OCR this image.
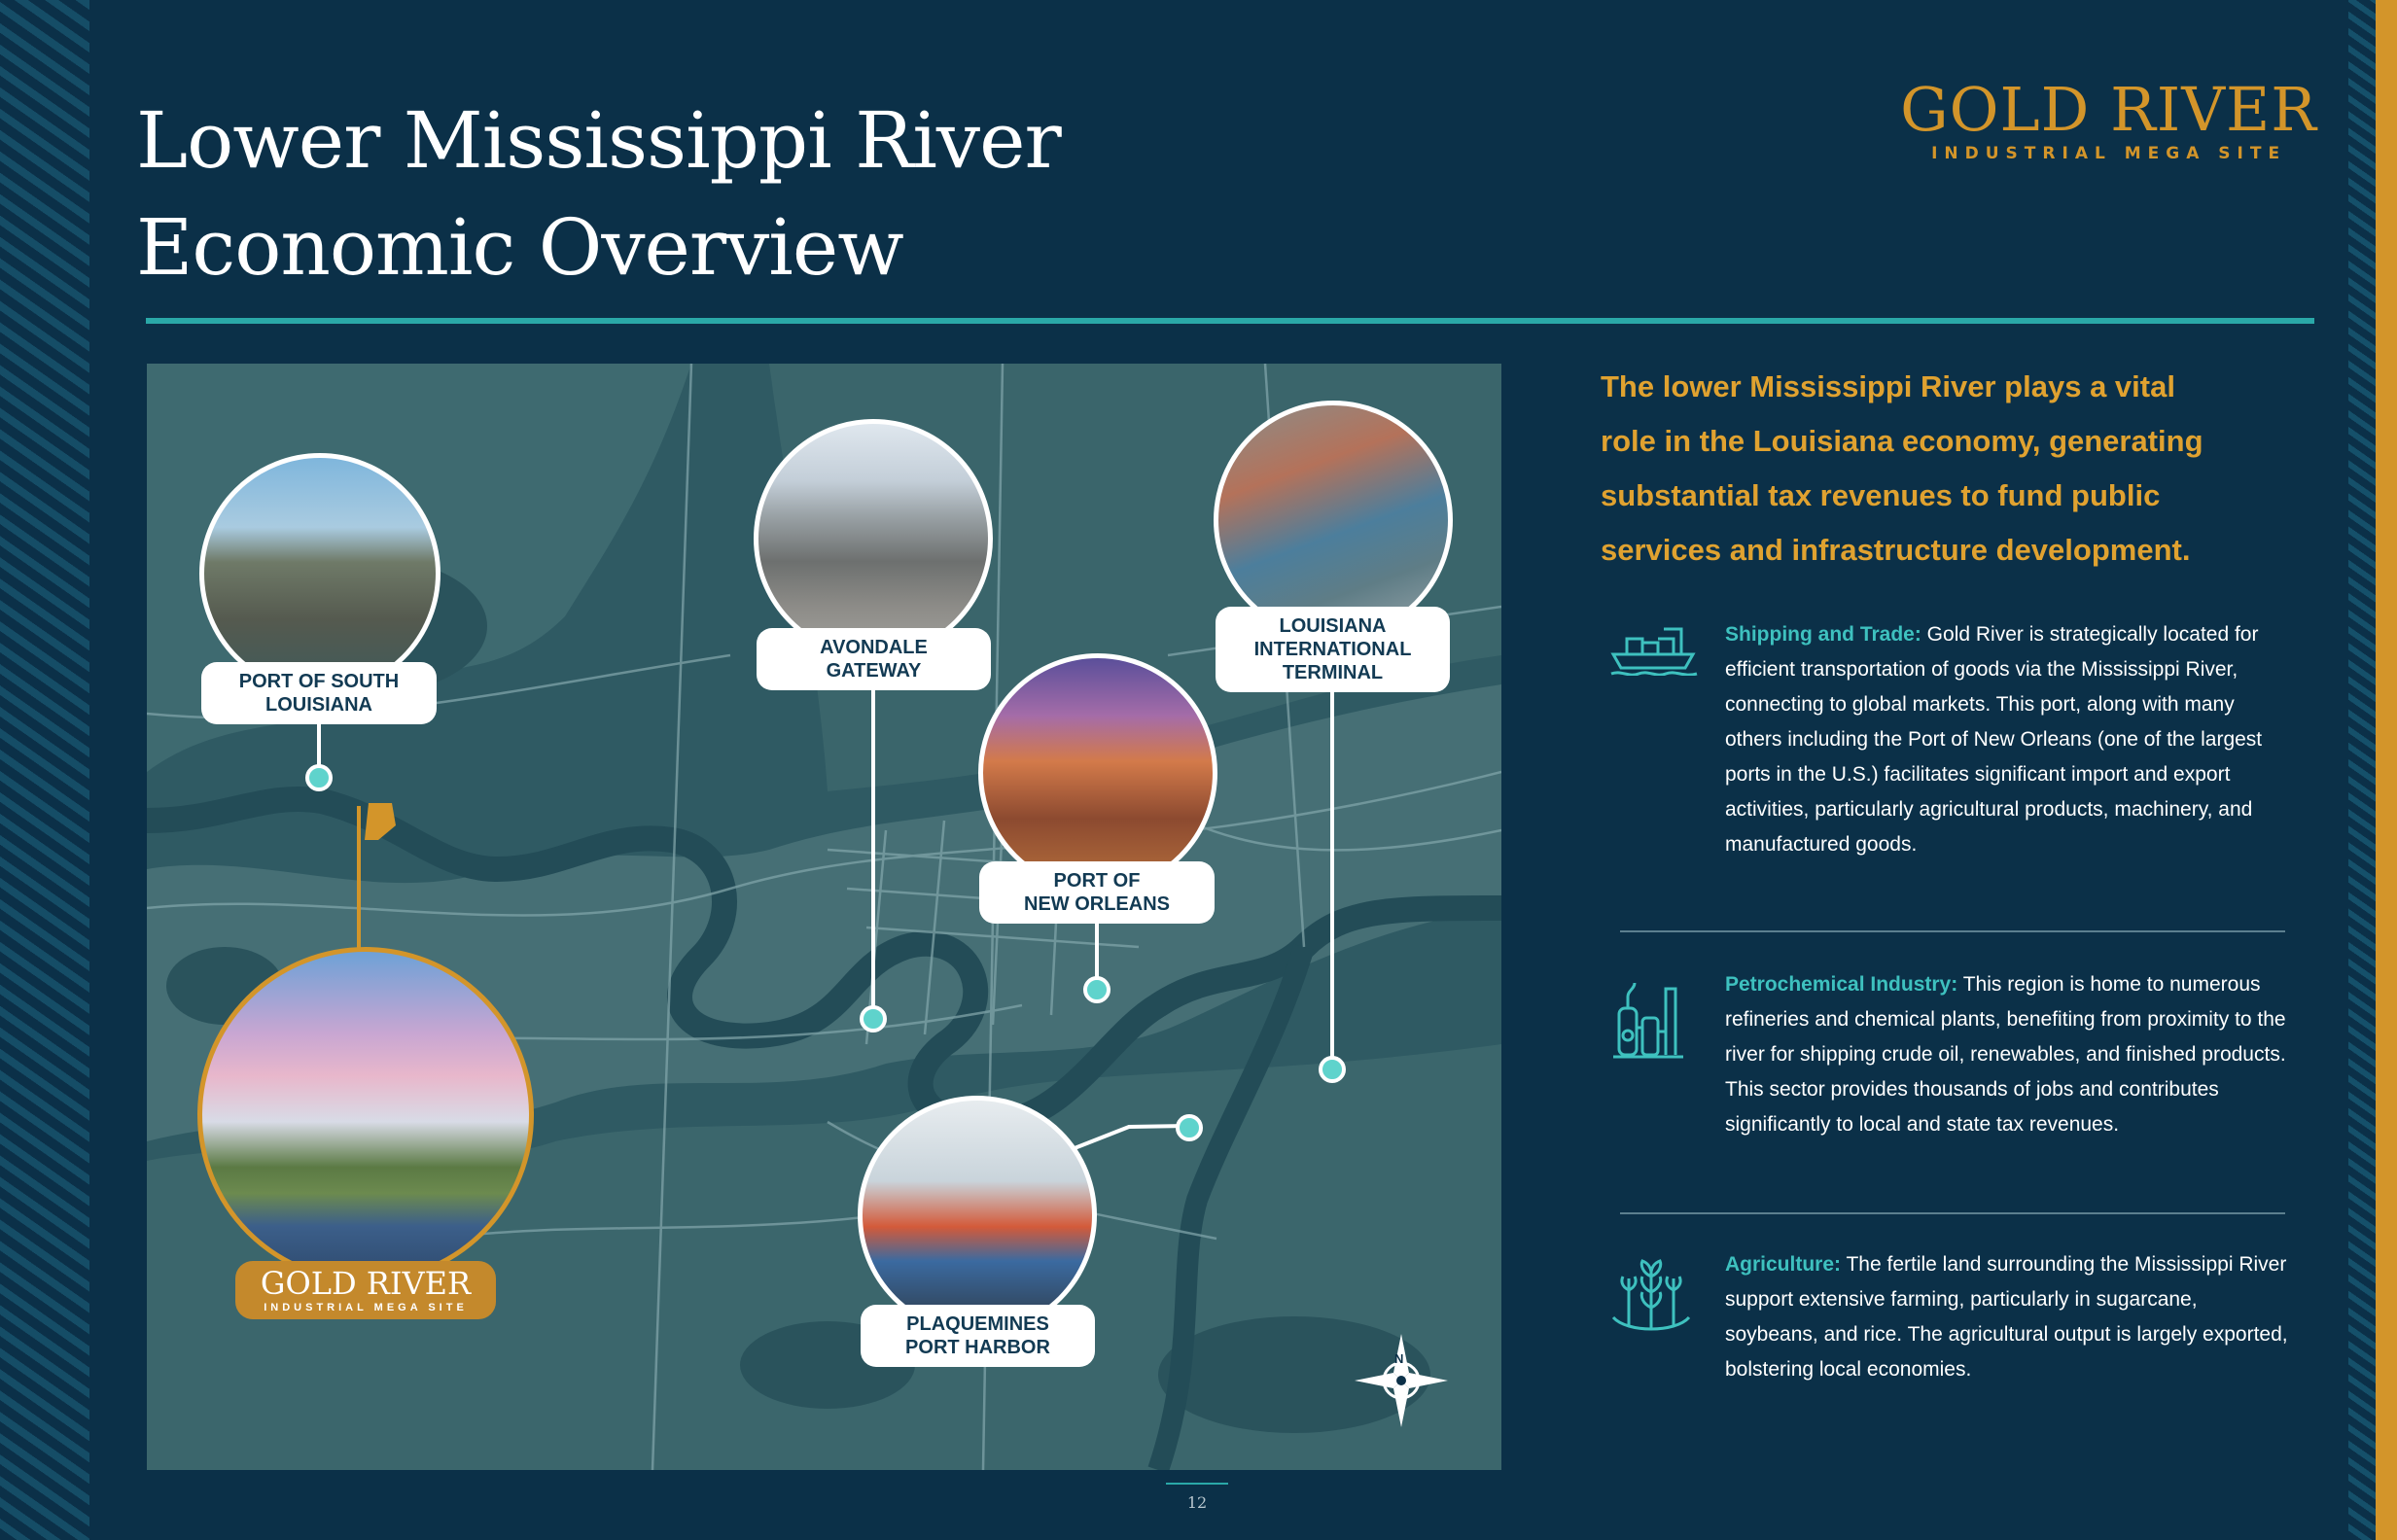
Lower Mississippi River
Economic Overview
GOLD RIVER
INDUSTRIAL MEGA SITE
PORT OF SOUTH
LOUISIANA
AVONDALE
GATEWAY
LOUISIANA
INTERNATIONAL
TERMINAL
PORT OF
NEW ORLEANS
PLAQUEMINES
PORT HARBOR
GOLD RIVER
INDUSTRIAL MEGA SITE
N

The lower Mississippi River plays a vital role in the Louisiana economy, generating substantial tax revenues to fund public services and infrastructure development.

Shipping and Trade: Gold River is strategically located for efficient transportation of goods via the Mississippi River, connecting to global markets. This port, along with many others including the Port of New Orleans (one of the largest ports in the U.S.) facilitates significant import and export activities, particularly agricultural products, machinery, and manufactured goods.

Petrochemical Industry: This region is home to numerous refineries and chemical plants, benefiting from proximity to the river for shipping crude oil, renewables, and finished products. This sector provides thousands of jobs and contributes significantly to local and state tax revenues.

Agriculture: The fertile land surrounding the Mississippi River support extensive farming, particularly in sugarcane, soybeans, and rice. The agricultural output is largely exported, bolstering local economies.

12
